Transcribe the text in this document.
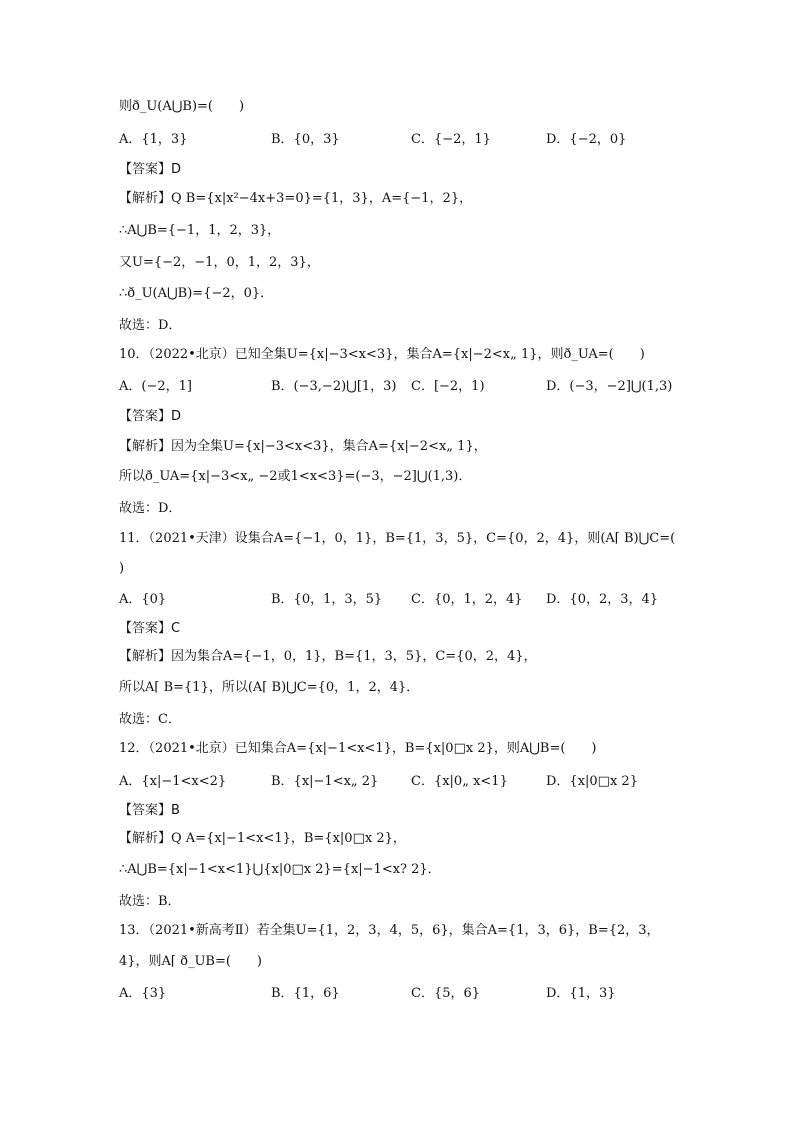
则ð_U(A⋃B)=(　　)
A．{1，3}	B．{0，3}	C．{−2，1}	D．{−2，0}
【答案】D
【解析】Q B={x|x²−4x+3=0}={1，3}，A={−1，2}，
∴A⋃B={−1，1，2，3}，
又U={−2，−1，0，1，2，3}，
∴ð_U(A⋃B)={−2，0}．
故选：D．
10．（2022•北京）已知全集U={x|−3<x<3}，集合A={x|−2<x„ 1}，则ð_UA=(　　)
A．(−2，1]	B．(−3,−2)⋃[1，3) C．[−2，1)	D．(−3，−2]⋃(1,3)
【答案】D
【解析】因为全集U={x|−3<x<3}，集合A={x|−2<x„ 1}，
所以ð_UA={x|−3<x„ −2或1<x<3}=(−3，−2]⋃(1,3)．
故选：D．
11．（2021•天津）设集合A={−1，0，1}，B={1，3，5}，C={0，2，4}，则(A⌈ B)⋃C=(
)
A．{0}	B．{0，1，3，5} C．{0，1，2，4} D．{0，2，3，4}
【答案】C
【解析】因为集合A={−1，0，1}，B={1，3，5}，C={0，2，4}，
所以A⌈ B={1}，所以(A⌈ B)⋃C={0，1，2，4}．
故选：C．
12．（2021•北京）已知集合A={x|−1<x<1}，B={x|0□x 2}，则A⋃B=(　　)
A．{x|−1<x<2}	B．{x|−1<x„ 2}	C．{x|0„ x<1}	D．{x|0□x 2}
【答案】B
【解析】Q A={x|−1<x<1}，B={x|0□x 2}，
∴A⋃B={x|−1<x<1}⋃{x|0□x 2}={x|−1<x? 2}．
故选：B．
13．（2021•新高考Ⅱ）若全集U={1，2，3，4，5，6}，集合A={1，3，6}，B={2，3，
4}，则A⌈ ð_UB=(　　)
A．{3}	B．{1，6}	C．{5，6}	D．{1，3}
